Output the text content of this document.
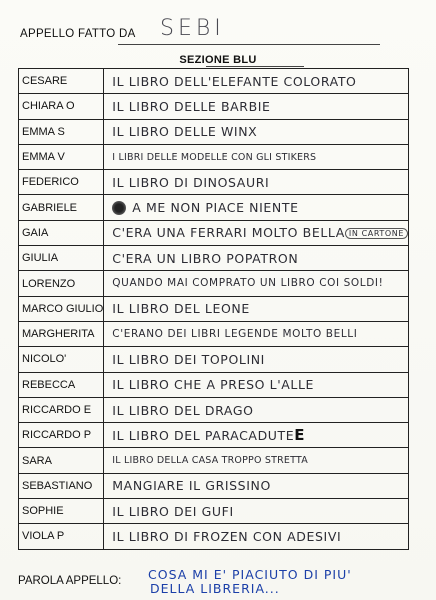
APPELLO FATTO DA SEBI
SEZIONE BLU
CESARE	IL LIBRO DELL'ELEFANTE COLORATO
CHIARA O	IL LIBRO DELLE BARBIE
EMMA S	IL LIBRO DELLE WINX
EMMA V	I LIBRI DELLE MODELLE CON GLI STIKERS
FEDERICO	IL LIBRO DI DINOSAURI
GABRIELE	A ME NON PIACE NIENTE
GAIA	C'ERA UNA FERRARI MOLTO BELLA IN CARTONE
GIULIA	C'ERA UN LIBRO POPATRON
LORENZO	QUANDO MAI COMPRATO UN LIBRO COI SOLDI!
MARCO GIULIO	IL LIBRO DEL LEONE
MARGHERITA	C'ERANO DEI LIBRI LEGENDE MOLTO BELLI
NICOLO'	IL LIBRO DEI TOPOLINI
REBECCA	IL LIBRO CHE A PRESO L'ALLE
RICCARDO E	IL LIBRO DEL DRAGO
RICCARDO P	IL LIBRO DEL PARACADUTEE
SARA	IL LIBRO DELLA CASA TROPPO STRETTA
SEBASTIANO	MANGIARE IL GRISSINO
SOPHIE	IL LIBRO DEI GUFI
VIOLA P	IL LIBRO DI FROZEN CON ADESIVI
PAROLA APPELLO: COSA MI E' PIACIUTO DI PIU'
DELLA LIBRERIA...
